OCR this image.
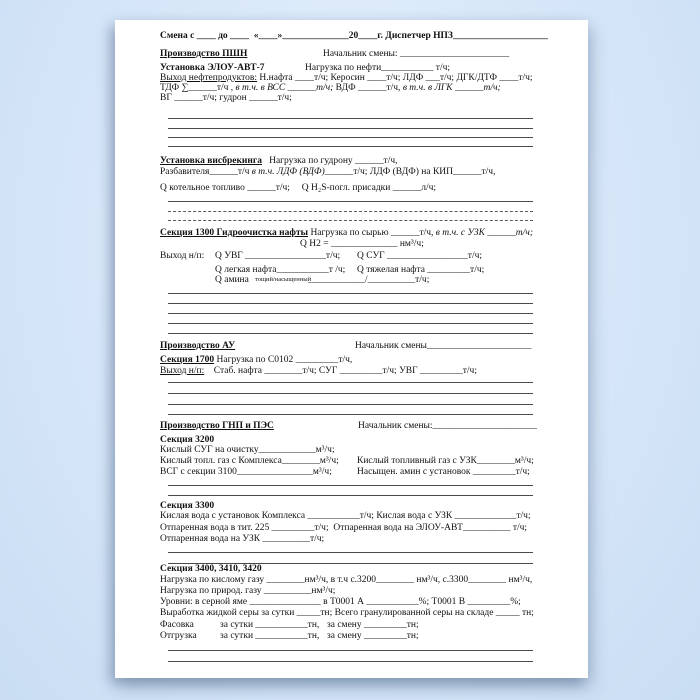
Смена с ____ до ____  «____»______________20____г. Диспетчер НПЗ____________________
Производство ПШН	Начальник смены: _______________________
Установка ЭЛОУ-АВТ-7	Нагрузка по нефти___________ т/ч;
Выход нефтепродуктов: Н.нафта ____т/ч; Керосин ____т/ч; ЛДФ ___т/ч; ДГК/ДТФ ____т/ч;
ТДФ ∑______т/ч , в т.ч. в ВСС ______т/ч; ВДФ ______т/ч, в т.ч. в ЛГК ______т/ч;
ВГ ______т/ч; гудрон ______т/ч;
Установка висбрекинга   Нагрузка по гудрону ______т/ч,
Разбавителя______т/ч в т.ч. ЛДФ (ВДФ)______т/ч; ЛДФ (ВДФ) на КИП______т/ч,
Q котельное топливо ______т/ч;     Q H₂S-погл. присадки ______л/ч;
Секция 1300 Гидроочистка нафты Нагрузка по сырью ______т/ч, в т.ч. с УЗК ______т/ч;
Q Н2 = ______________ нм³/ч;
Выход н/п: Q УВГ _________________т/ч; Q СУГ _________________т/ч;
Q легкая нафта___________т /ч; Q тяжелая нафта _________т/ч;
Q амина тощий/насыщенный
____________/__________т/ч;
Производство АУ	Начальник смены______________________
Секция 1700 Нагрузка по С0102 _________т/ч,
Выход н/п:    Стаб. нафта ________т/ч; СУГ _________т/ч; УВГ _________т/ч;
Производство ГНП и ПЭС	Начальник смены:______________________
Секция 3200
Кислый СУГ на очистку____________м³/ч;
Кислый топл. газ с Комплекса________м³/ч; Кислый топливный газ с УЗК________м³/ч;
ВСГ с секции 3100________________м³/ч;	Насыщен. амин с установок _________т/ч;
Секция 3300
Кислая вода с установок Комплекса ___________т/ч; Кислая вода с УЗК _____________т/ч;
Отпаренная вода в тит. 225 _________т/ч;  Отпаренная вода на ЭЛОУ-АВТ__________ т/ч;
Отпаренная вода на УЗК __________т/ч;
Секция 3400, 3410, 3420
Нагрузка по кислому газу ________нм³/ч, в т.ч с.3200________ нм³/ч, с.3300________ нм³/ч,
Нагрузка по природ. газу __________нм³/ч;
Уровни: в серной яме _______________ в Т0001 А ___________%; Т0001 В _________%;
Выработка жидкой серы за сутки _____тн; Всего гранулированной серы на складе _____ тн;
Фасовка	за сутки ___________тн, за смену _________тн;
Отгрузка за сутки ___________тн, за смену _________тн;
